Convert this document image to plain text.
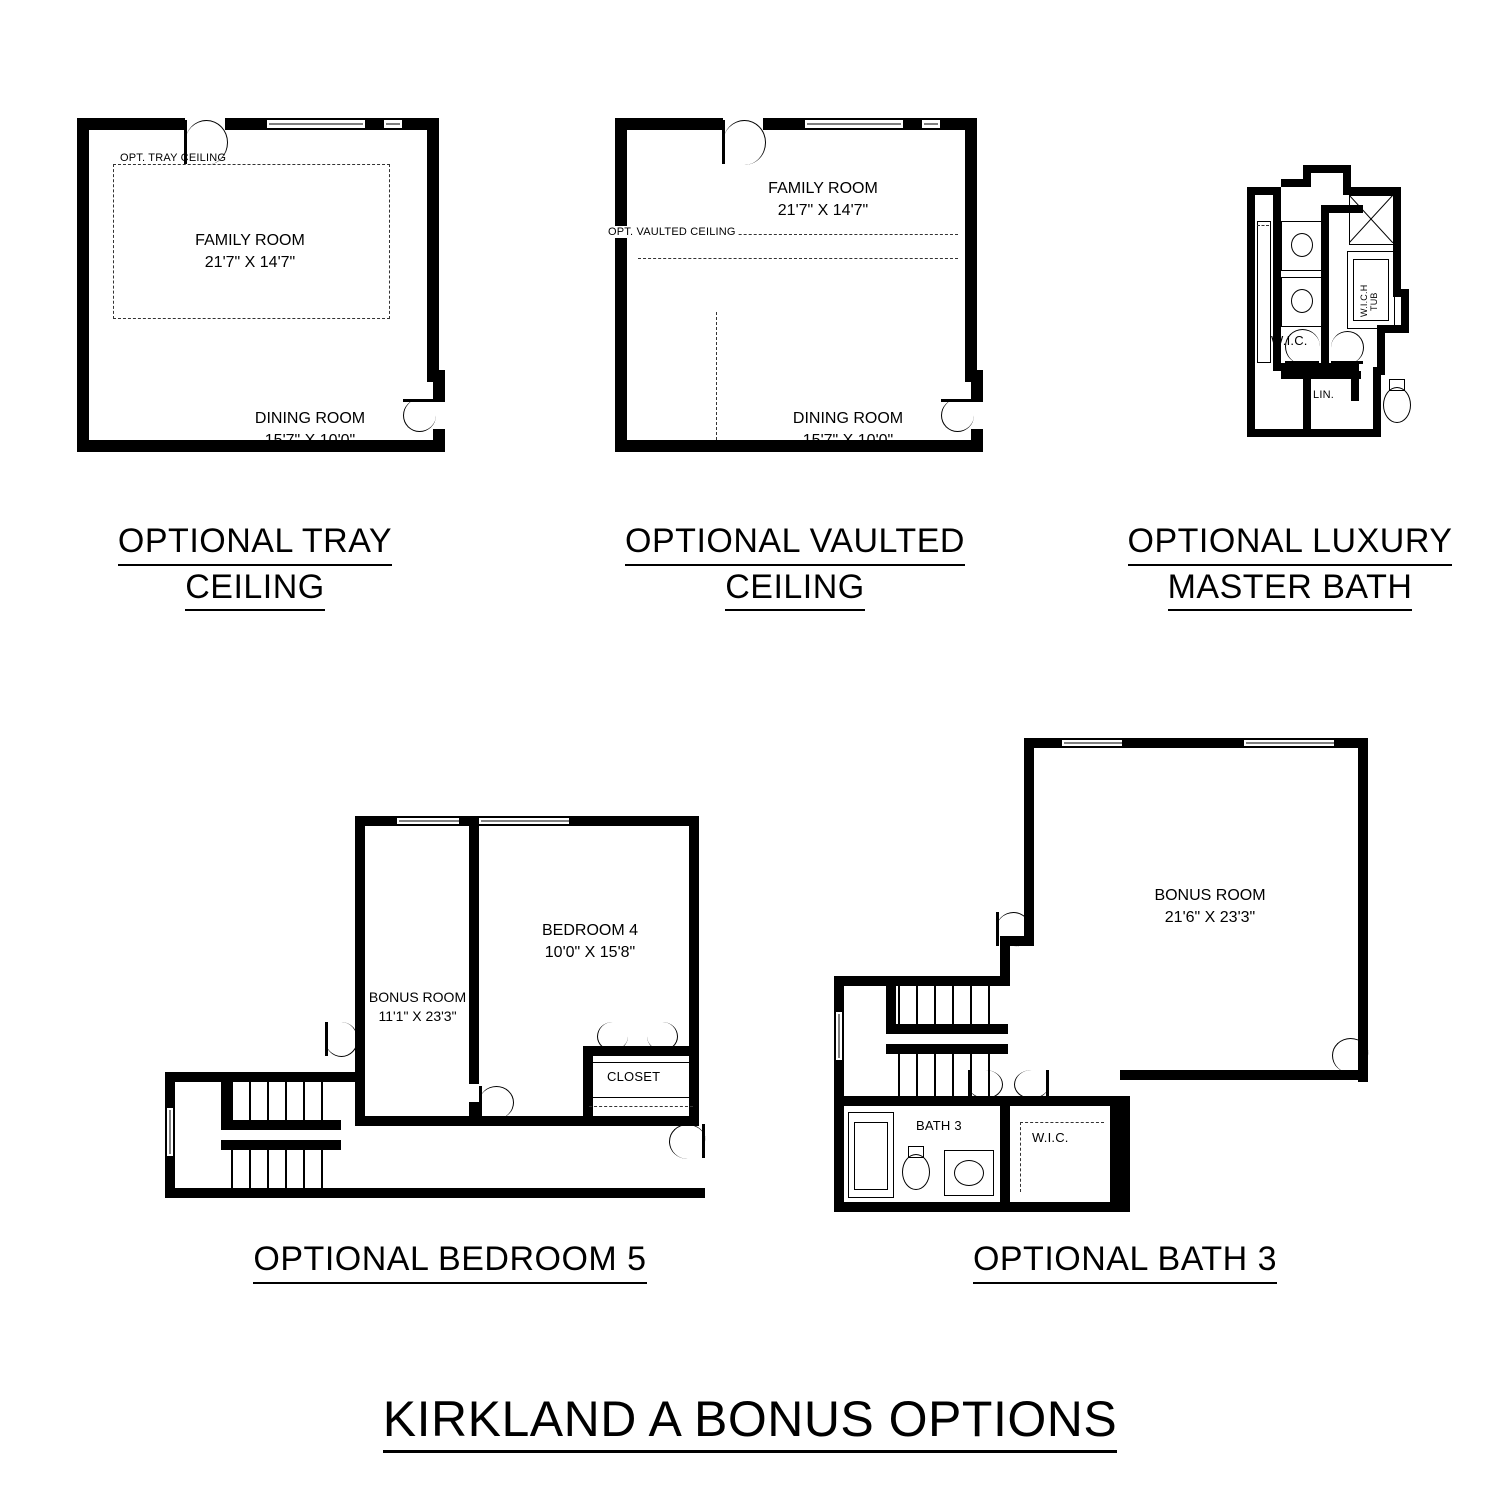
OPT. TRAY CEILING
FAMILY ROOM
21'7" X 14'7"
DINING ROOM
15'7" X 10'0"
OPTIONAL TRAY
CEILING
OPT. VAULTED CEILING
FAMILY ROOM
21'7" X 14'7"
DINING ROOM
15'7" X 10'0"
OPTIONAL VAULTED
CEILING
TUB
W.I.C.H
W.I.C.
LIN.
OPTIONAL LUXURY
MASTER BATH
CLOSET
BEDROOM 4
10'0" X 15'8"
BONUS ROOM
11'1" X 23'3"
OPTIONAL BEDROOM 5
BONUS ROOM
21'6" X 23'3"
BATH 3
W.I.C.
OPTIONAL BATH 3
KIRKLAND A BONUS OPTIONS
